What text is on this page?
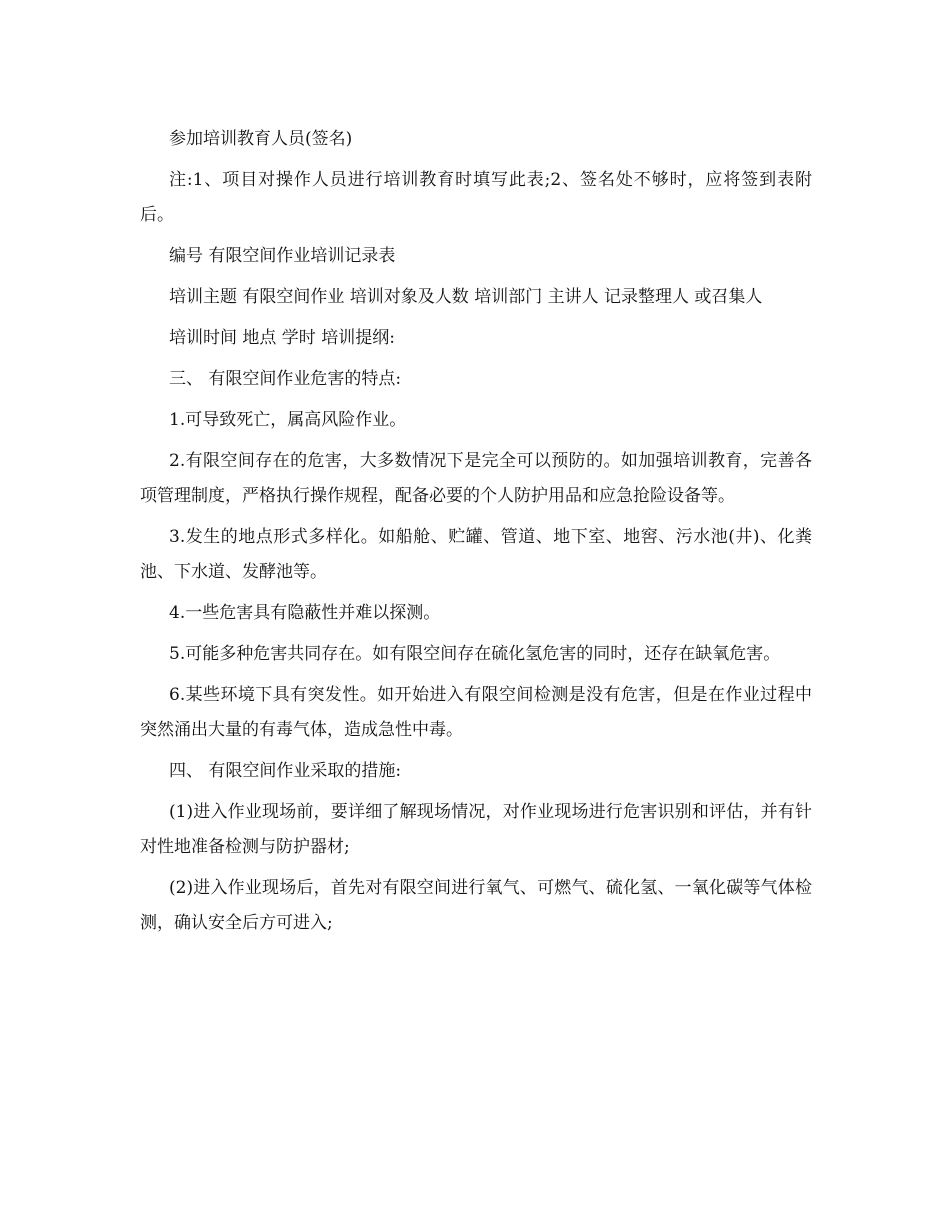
参加培训教育人员(签名)

注:1、项目对操作人员进行培训教育时填写此表;2、签名处不够时，应将签到表附后。

编号 有限空间作业培训记录表

培训主题 有限空间作业 培训对象及人数 培训部门 主讲人 记录整理人 或召集人

培训时间 地点 学时 培训提纲:

三、 有限空间作业危害的特点:

1.可导致死亡，属高风险作业。

2.有限空间存在的危害，大多数情况下是完全可以预防的。如加强培训教育，完善各项管理制度，严格执行操作规程，配备必要的个人防护用品和应急抢险设备等。

3.发生的地点形式多样化。如船舱、贮罐、管道、地下室、地窖、污水池(井)、化粪池、下水道、发酵池等。

4.一些危害具有隐蔽性并难以探测。

5.可能多种危害共同存在。如有限空间存在硫化氢危害的同时，还存在缺氧危害。

6.某些环境下具有突发性。如开始进入有限空间检测是没有危害，但是在作业过程中突然涌出大量的有毒气体，造成急性中毒。

四、 有限空间作业采取的措施:

(1)进入作业现场前，要详细了解现场情况，对作业现场进行危害识别和评估，并有针对性地准备检测与防护器材;

(2)进入作业现场后，首先对有限空间进行氧气、可燃气、硫化氢、一氧化碳等气体检测，确认安全后方可进入;
